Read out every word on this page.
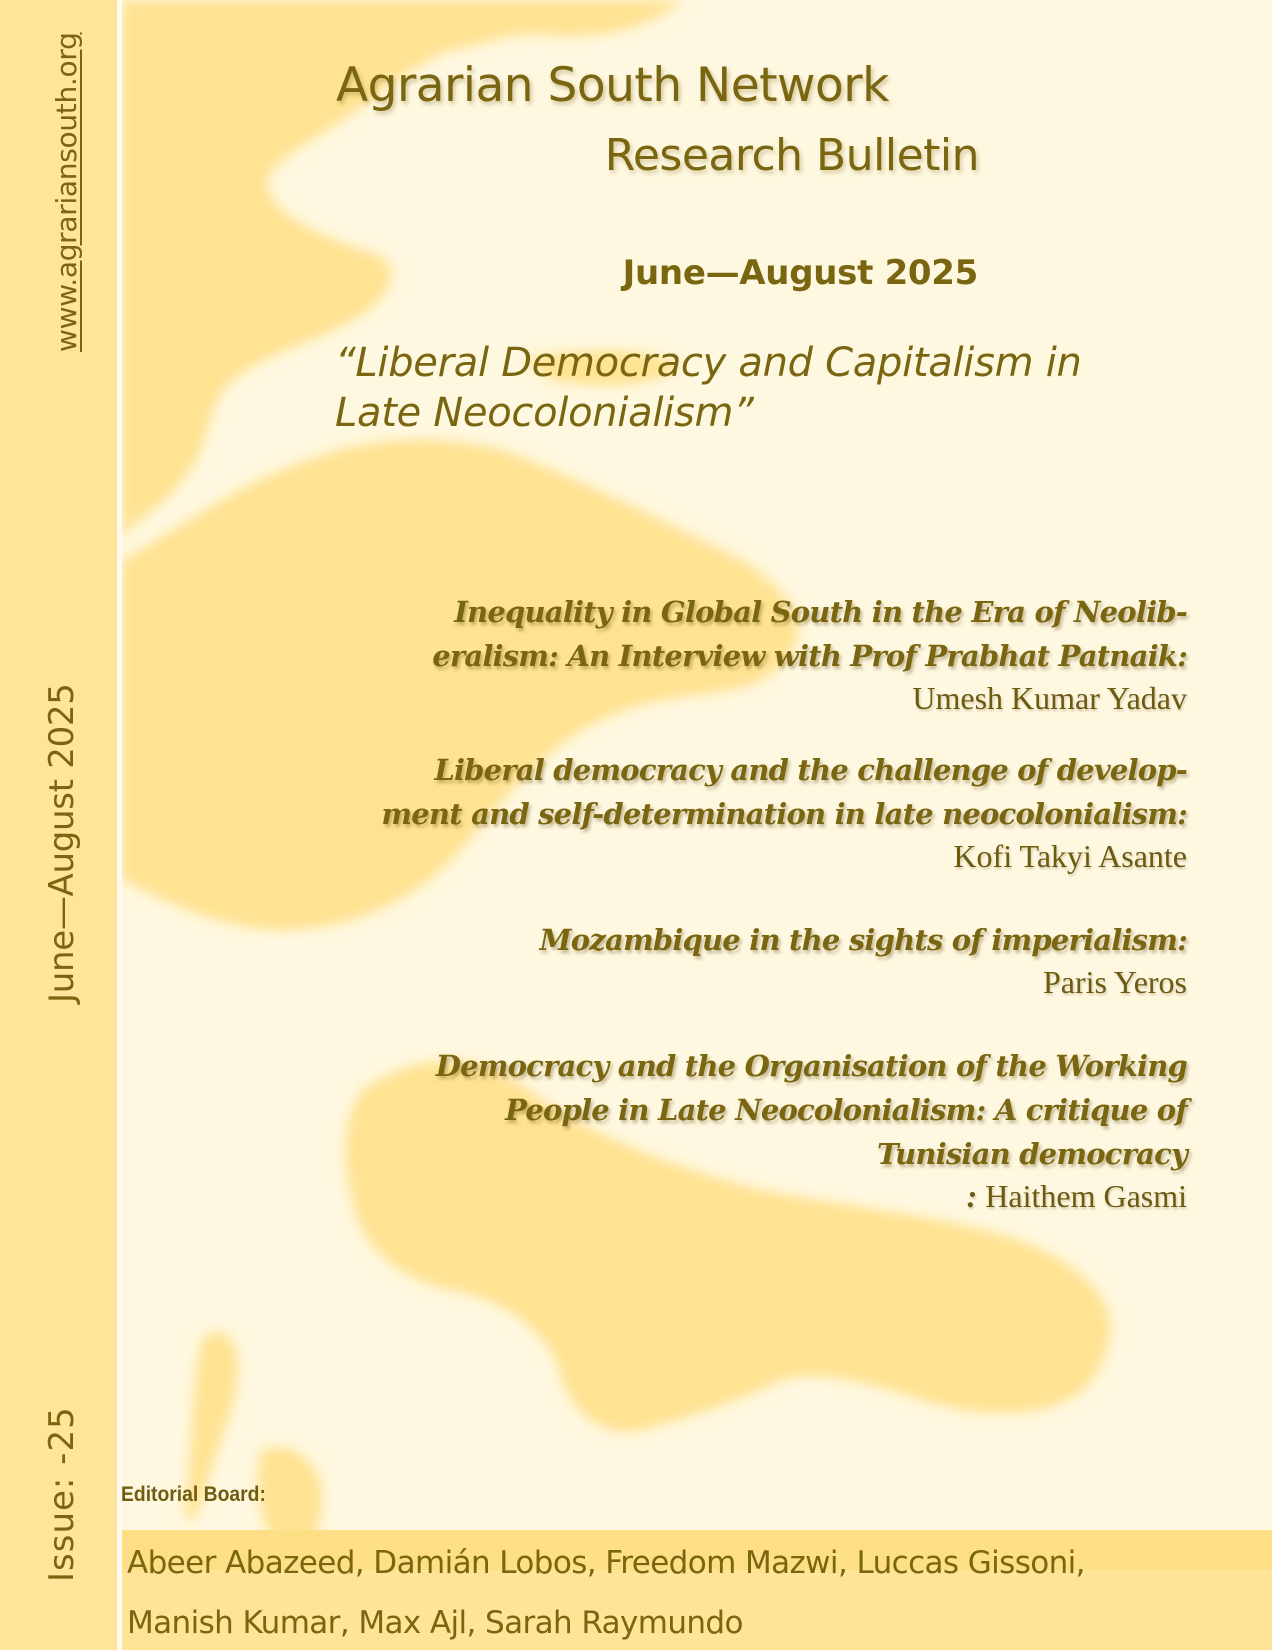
www.agrariansouth.org
June—August 2025
Issue: -25
Agrarian South Network
Research Bulletin
June—August 2025
“Liberal Democracy and Capitalism in
Late Neocolonialism”
Inequality in Global South in the Era of Neolib-
eralism: An Interview with Prof Prabhat Patnaik:
Umesh Kumar Yadav
Liberal democracy and the challenge of develop-
ment and self-determination in late neocolonialism:
Kofi Takyi Asante
Mozambique in the sights of imperialism:
Paris Yeros
Democracy and the Organisation of the Working
People in Late Neocolonialism: A critique of
Tunisian democracy
: Haithem Gasmi
Editorial Board:
Abeer Abazeed, Damián Lobos, Freedom Mazwi, Luccas Gissoni,
Manish Kumar, Max Ajl, Sarah Raymundo
